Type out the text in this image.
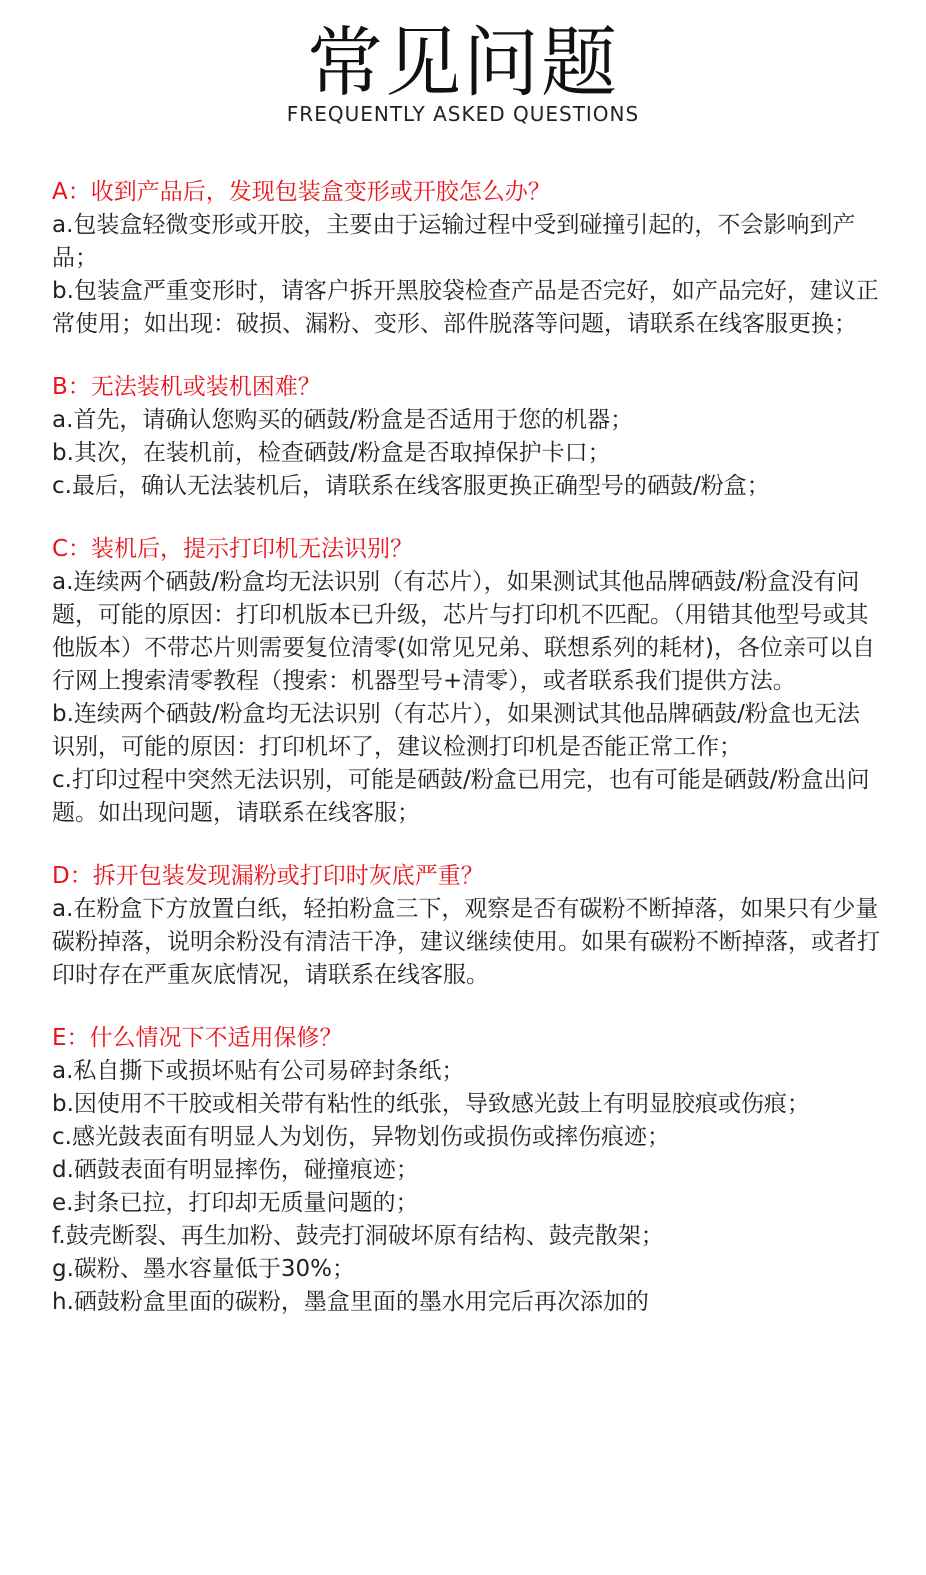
常见问题
FREQUENTLY ASKED QUESTIONS

A：收到产品后，发现包装盒变形或开胶怎么办？

a.包装盒轻微变形或开胶，主要由于运输过程中受到碰撞引起的，不会影响到产品；

b.包装盒严重变形时，请客户拆开黑胶袋检查产品是否完好，如产品完好，建议正常使用；如出现：破损、漏粉、变形、部件脱落等问题，请联系在线客服更换；

B：无法装机或装机困难？

a.首先，请确认您购买的硒鼓/粉盒是否适用于您的机器；

b.其次，在装机前，检查硒鼓/粉盒是否取掉保护卡口；

c.最后，确认无法装机后，请联系在线客服更换正确型号的硒鼓/粉盒；

C：装机后，提示打印机无法识别？

a.连续两个硒鼓/粉盒均无法识别（有芯片），如果测试其他品牌硒鼓/粉盒没有问题，可能的原因：打印机版本已升级，芯片与打印机不匹配。（用错其他型号或其他版本）不带芯片则需要复位清零(如常见兄弟、联想系列的耗材)，各位亲可以自行网上搜索清零教程（搜索：机器型号+清零），或者联系我们提供方法。

b.连续两个硒鼓/粉盒均无法识别（有芯片），如果测试其他品牌硒鼓/粉盒也无法识别，可能的原因：打印机坏了，建议检测打印机是否能正常工作；

c.打印过程中突然无法识别，可能是硒鼓/粉盒已用完，也有可能是硒鼓/粉盒出问题。如出现问题，请联系在线客服；

D：拆开包装发现漏粉或打印时灰底严重？

a.在粉盒下方放置白纸，轻拍粉盒三下，观察是否有碳粉不断掉落，如果只有少量碳粉掉落，说明余粉没有清洁干净，建议继续使用。如果有碳粉不断掉落，或者打印时存在严重灰底情况，请联系在线客服。

E：什么情况下不适用保修？

a.私自撕下或损坏贴有公司易碎封条纸；

b.因使用不干胶或相关带有粘性的纸张，导致感光鼓上有明显胶痕或伤痕；

c.感光鼓表面有明显人为划伤，异物划伤或损伤或摔伤痕迹；

d.硒鼓表面有明显摔伤，碰撞痕迹；

e.封条已拉，打印却无质量问题的；

f.鼓壳断裂、再生加粉、鼓壳打洞破坏原有结构、鼓壳散架；

g.碳粉、墨水容量低于30%；

h.硒鼓粉盒里面的碳粉，墨盒里面的墨水用完后再次添加的
